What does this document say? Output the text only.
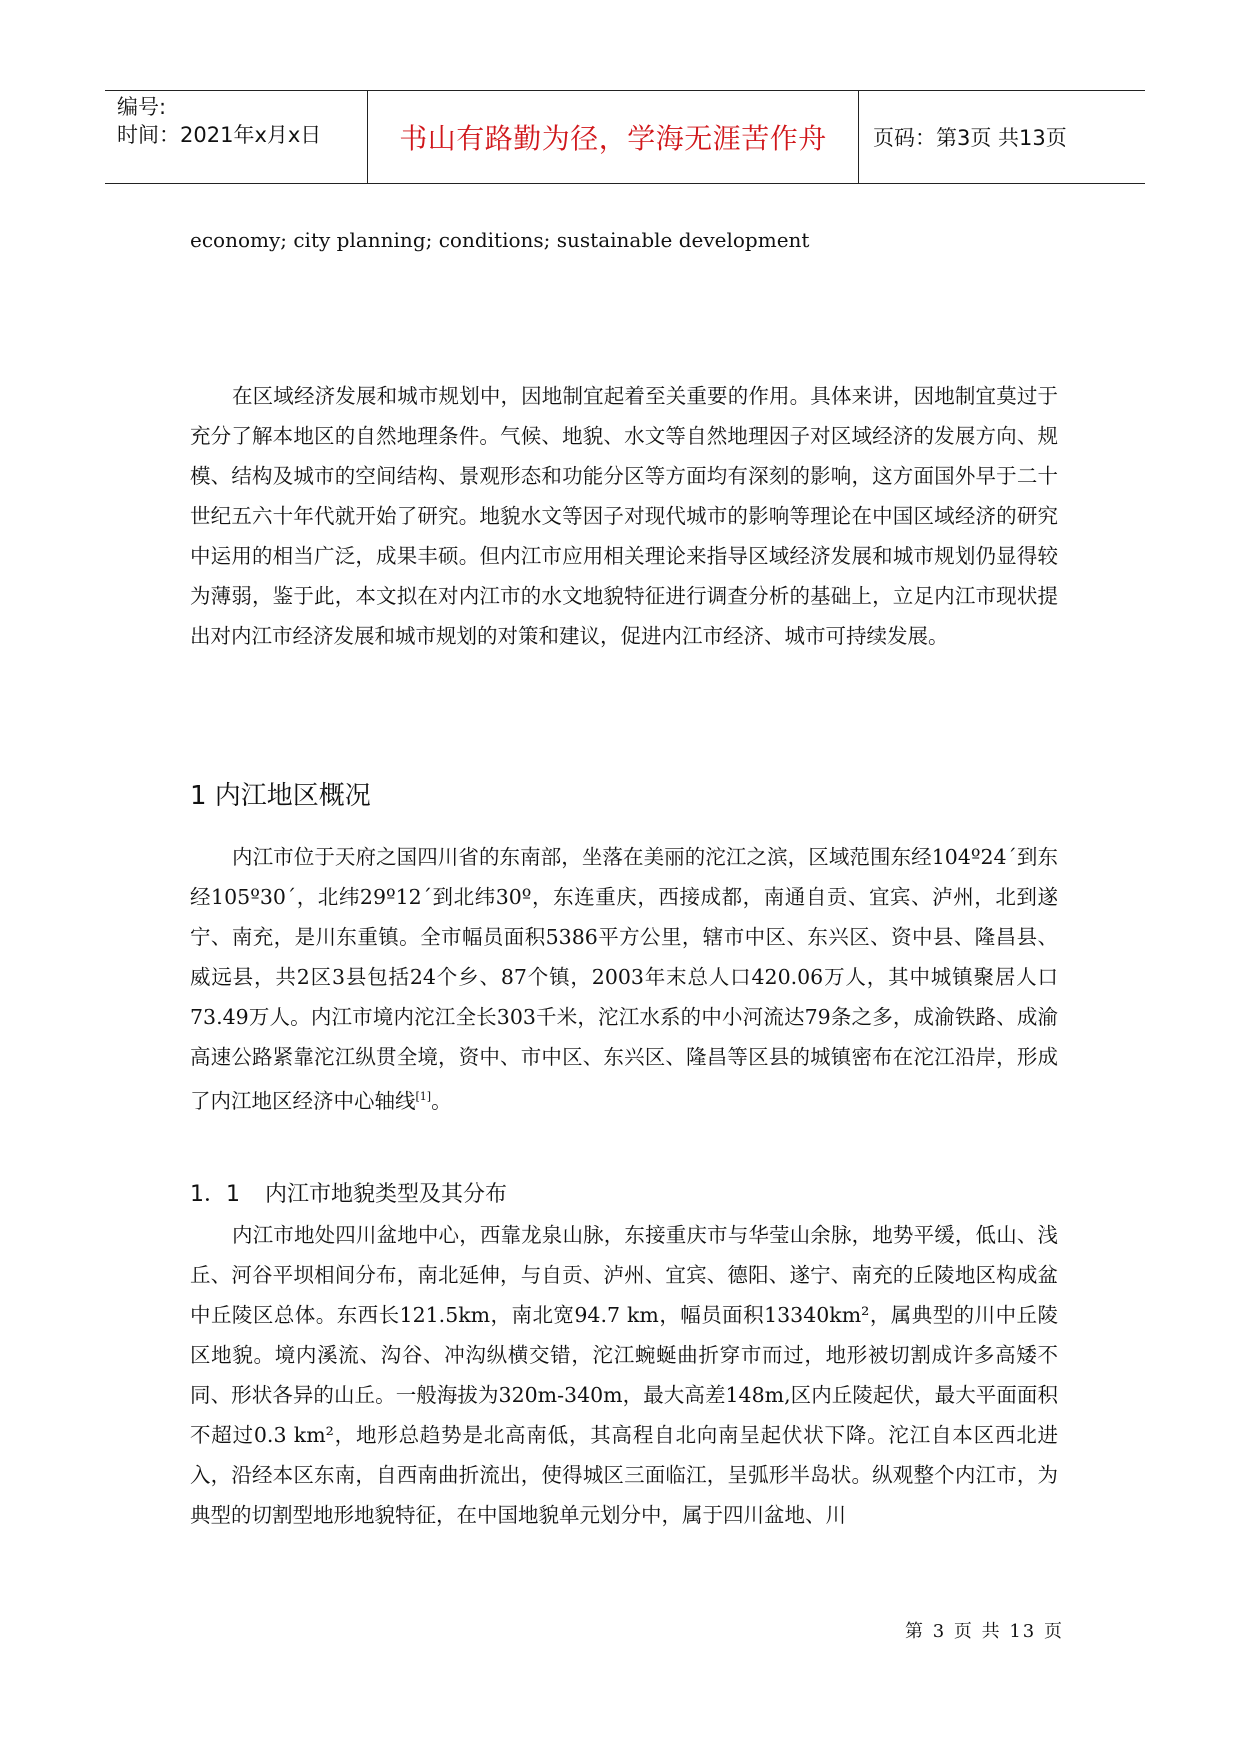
编号:
时间：2021年x月x日	书山有路勤为径，学海无涯苦作舟	页码：第3页 共13页
economy; city planning; conditions; sustainable development

在区域经济发展和城市规划中，因地制宜起着至关重要的作用。具体来讲，因地制宜莫过于充分了解本地区的自然地理条件。气候、地貌、水文等自然地理因子对区域经济的发展方向、规模、结构及城市的空间结构、景观形态和功能分区等方面均有深刻的影响，这方面国外早于二十世纪五六十年代就开始了研究。地貌水文等因子对现代城市的影响等理论在中国区域经济的研究中运用的相当广泛，成果丰硕。但内江市应用相关理论来指导区域经济发展和城市规划仍显得较为薄弱，鉴于此，本文拟在对内江市的水文地貌特征进行调查分析的基础上，立足内江市现状提出对内江市经济发展和城市规划的对策和建议，促进内江市经济、城市可持续发展。

1 内江地区概况

内江市位于天府之国四川省的东南部，坐落在美丽的沱江之滨，区域范围东经104º24´到东经105º30´，北纬29º12´到北纬30º，东连重庆，西接成都，南通自贡、宜宾、泸州，北到遂宁、南充，是川东重镇。全市幅员面积5386平方公里，辖市中区、东兴区、资中县、隆昌县、威远县，共2区3县包括24个乡、87个镇，2003年末总人口420.06万人，其中城镇聚居人口73.49万人。内江市境内沱江全长303千米，沱江水系的中小河流达79条之多，成渝铁路、成渝高速公路紧靠沱江纵贯全境，资中、市中区、东兴区、隆昌等区县的城镇密布在沱江沿岸，形成了内江地区经济中心轴线[1]。

1．1 内江市地貌类型及其分布

内江市地处四川盆地中心，西靠龙泉山脉，东接重庆市与华莹山余脉，地势平缓，低山、浅丘、河谷平坝相间分布，南北延伸，与自贡、泸州、宜宾、德阳、遂宁、南充的丘陵地区构成盆中丘陵区总体。东西长121.5km，南北宽94.7 km，幅员面积13340km²，属典型的川中丘陵区地貌。境内溪流、沟谷、冲沟纵横交错，沱江蜿蜒曲折穿市而过，地形被切割成许多高矮不同、形状各异的山丘。一般海拔为320m-340m，最大高差148m,区内丘陵起伏，最大平面面积不超过0.3 km²，地形总趋势是北高南低，其高程自北向南呈起伏状下降。沱江自本区西北进入，沿经本区东南，自西南曲折流出，使得城区三面临江，呈弧形半岛状。纵观整个内江市，为典型的切割型地形地貌特征，在中国地貌单元划分中，属于四川盆地、川

第 3 页 共 13 页
